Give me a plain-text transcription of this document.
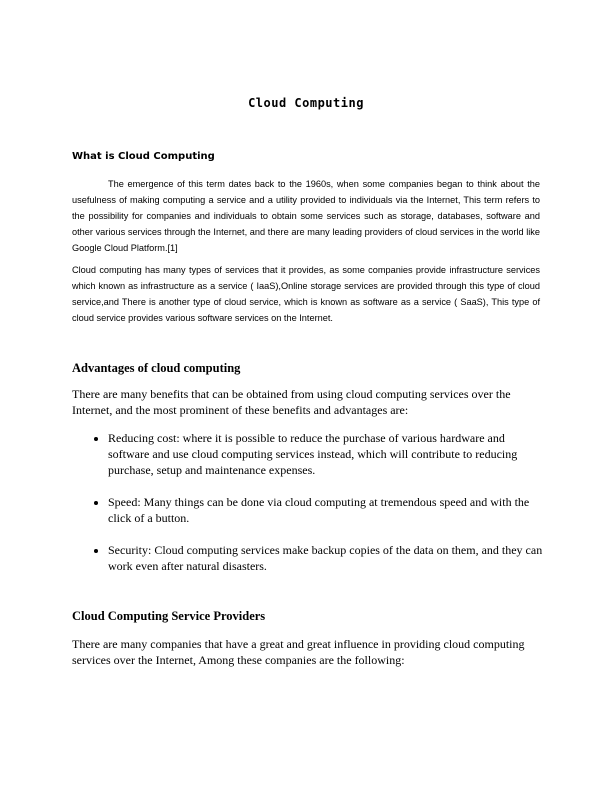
Cloud Computing
What is Cloud Computing

The emergence of this term dates back to the 1960s, when some companies began to think about the usefulness of making computing a service and a utility provided to individuals via the Internet, This term refers to the possibility for companies and individuals to obtain some services such as storage, databases, software and other various services through the Internet, and there are many leading providers of cloud services in the world like Google Cloud Platform.[1]

Cloud computing has many types of services that it provides, as some companies provide infrastructure services which known as infrastructure as a service ( IaaS),Online storage services are provided through this type of cloud service,and There is another type of cloud service, which is known as software as a service ( SaaS), This type of cloud service provides various software services on the Internet.

Advantages of cloud computing

There are many benefits that can be obtained from using cloud computing services over the Internet, and the most prominent of these benefits and advantages are:

• Reducing cost: where it is possible to reduce the purchase of various hardware and software and use cloud computing services instead, which will contribute to reducing purchase, setup and maintenance expenses.
• Speed: Many things can be done via cloud computing at tremendous speed and with the click of a button.
• Security: Cloud computing services make backup copies of the data on them, and they can work even after natural disasters.
Cloud Computing Service Providers

There are many companies that have a great and great influence in providing cloud computing services over the Internet, Among these companies are the following:
